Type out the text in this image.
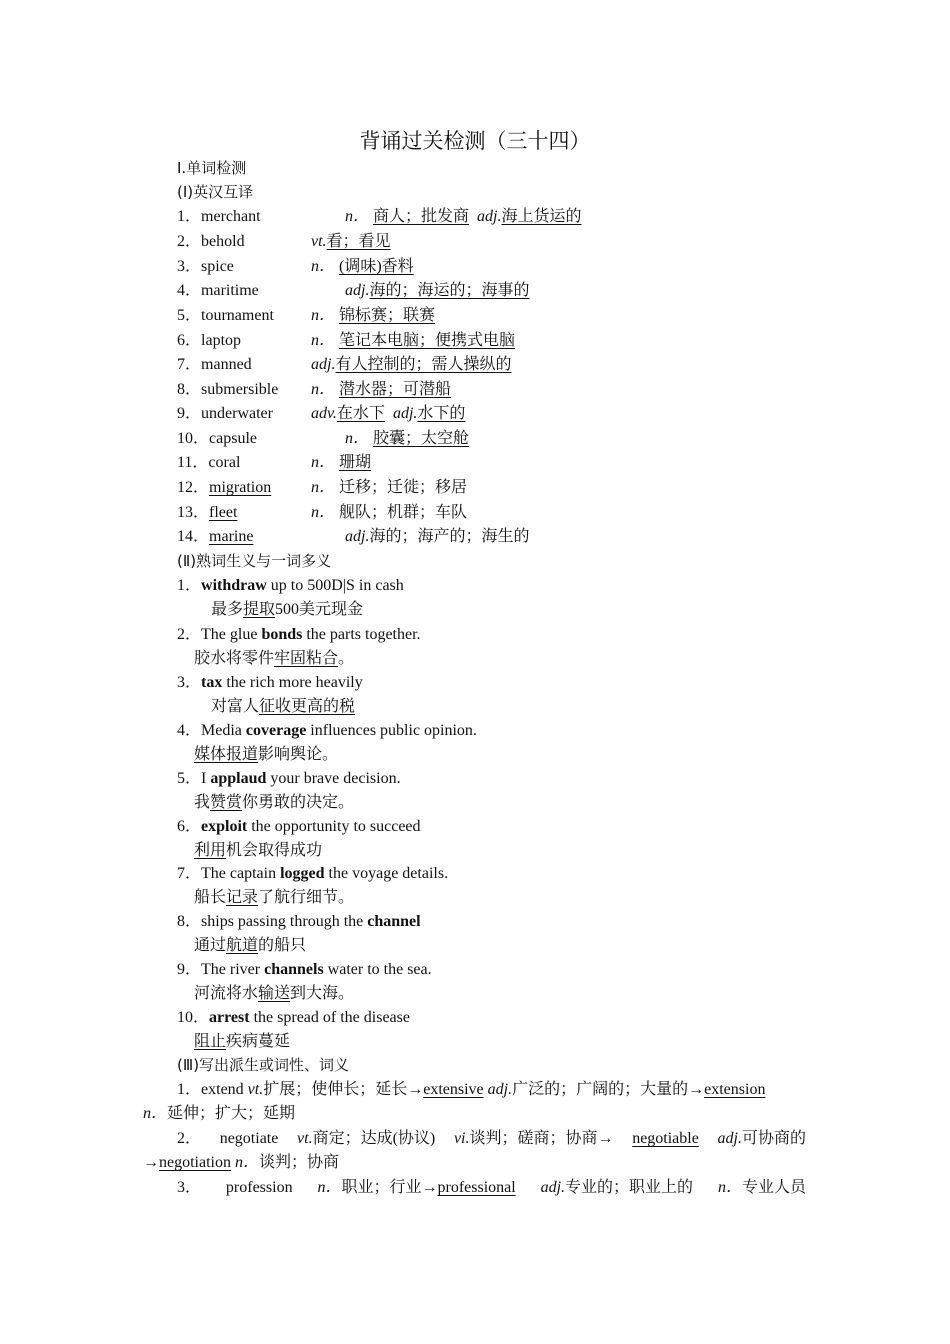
背诵过关检测（三十四）
Ⅰ.单词检测
(Ⅰ)英汉互译
1．merchant	n． 商人；批发商 adj.海上货运的
2．behold	vt.看；看见
3．spice	n． (调味)香料
4．maritime	adj.海的；海运的；海事的
5．tournament n． 锦标赛；联赛
6．laptop	n． 笔记本电脑；便携式电脑
7．manned	adj.有人控制的；需人操纵的
8．submersible n． 潜水器；可潜船
9．underwater adv.在水下 adj.水下的
10．capsule	n． 胶囊；太空舱
11．coral	n． 珊瑚
12．migration n． 迁移；迁徙；移居
13．fleet	n． 舰队；机群；车队
14．marine	adj.海的；海产的；海生的
(Ⅱ)熟词生义与一词多义
1．withdraw up to 500D|S in cash
最多提取500美元现金
2．The glue bonds the parts together.
胶水将零件牢固粘合。
3．tax the rich more heavily
对富人征收更高的税
4．Media coverage influences public opinion.
媒体报道影响舆论。
5．I applaud your brave decision.
我赞赏你勇敢的决定。
6．exploit the opportunity to succeed
利用机会取得成功
7．The captain logged the voyage details.
船长记录了航行细节。
8．ships passing through the channel
通过航道的船只
9．The river channels water to the sea.
河流将水输送到大海。
10．arrest the spread of the disease
阻止疾病蔓延
(Ⅲ)写出派生或词性、词义
1．extend vt.扩展；使伸长；延长→extensive adj.广泛的；广阔的；大量的→extension
n．延伸；扩大；延期
2． negotiate vt.商定；达成(协议) vi.谈判；磋商；协商→ negotiable adj.可协商的
→negotiation n．谈判；协商
3． profession n．职业；行业→professional adj.专业的；职业上的 n．专业人员
